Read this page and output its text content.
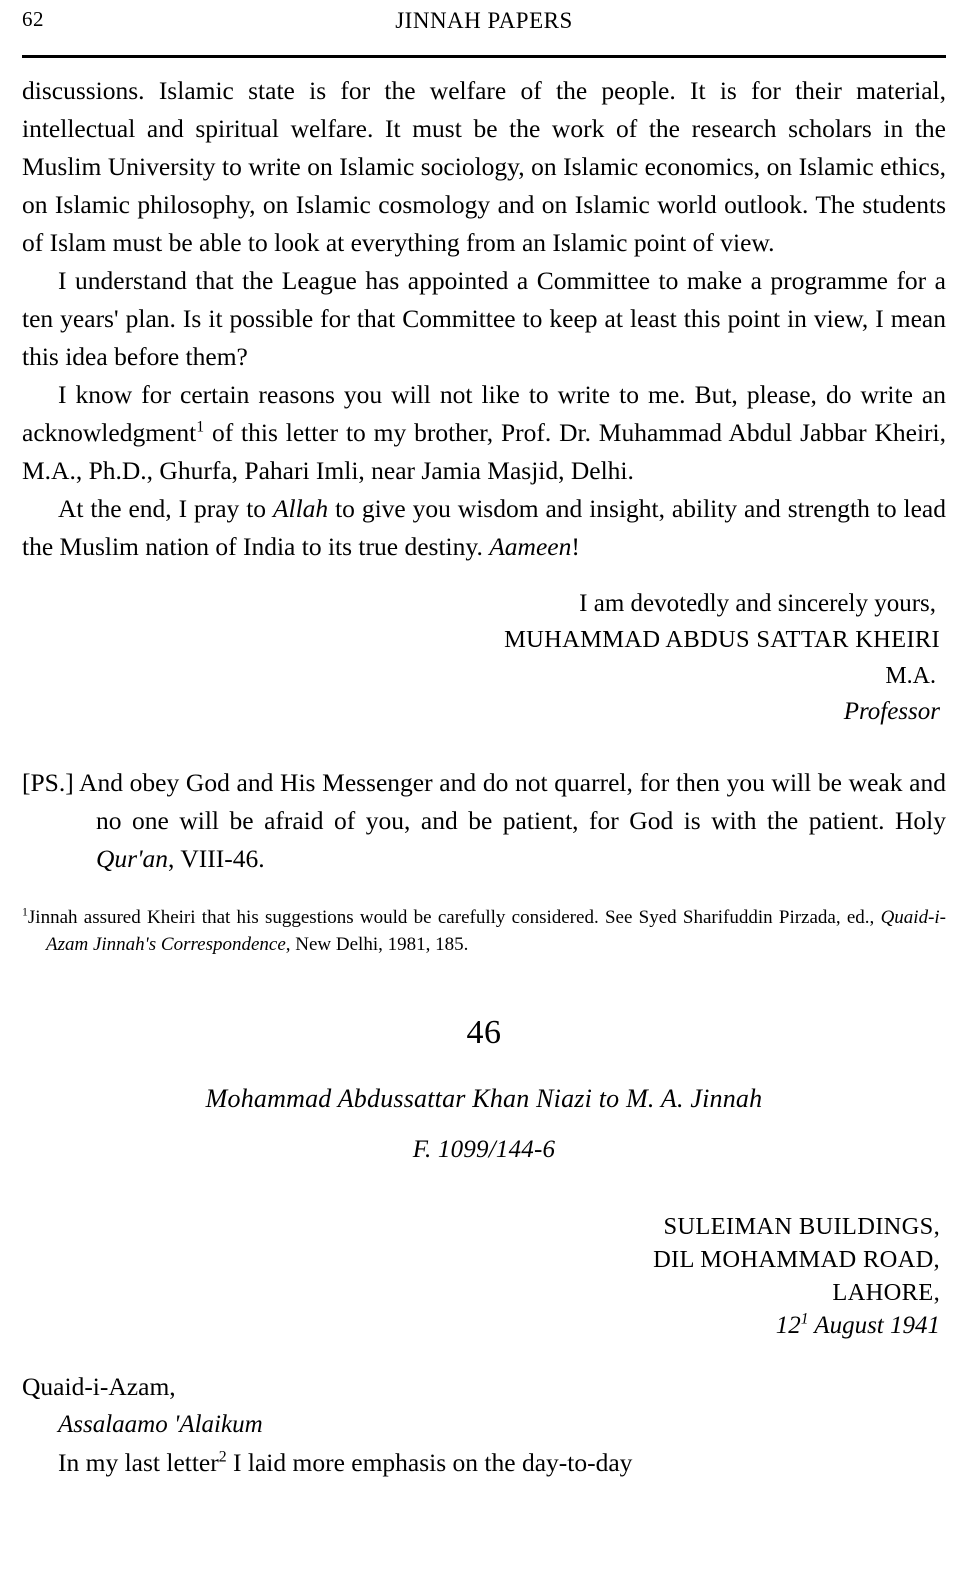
62	JINNAH PAPERS

discussions. Islamic state is for the welfare of the people. It is for their material, intellectual and spiritual welfare. It must be the work of the research scholars in the Muslim University to write on Islamic sociology, on Islamic economics, on Islamic ethics, on Islamic philosophy, on Islamic cosmology and on Islamic world outlook. The students of Islam must be able to look at everything from an Islamic point of view.

I understand that the League has appointed a Committee to make a programme for a ten years' plan. Is it possible for that Committee to keep at least this point in view, I mean this idea before them?

I know for certain reasons you will not like to write to me. But, please, do write an acknowledgment$^1$ of this letter to my brother, Prof. Dr. Muhammad Abdul Jabbar Kheiri, M.A., Ph.D., Ghurfa, Pahari Imli, near Jamia Masjid, Delhi.

At the end, I pray to Allah to give you wisdom and insight, ability and strength to lead the Muslim nation of India to its true destiny. Aameen!

I am devotedly and sincerely yours,
MUHAMMAD ABDUS SATTAR KHEIRI
M.A.
Professor

[PS.] And obey God and His Messenger and do not quarrel, for then you will be weak and no one will be afraid of you, and be patient, for God is with the patient. Holy Qur'an, VIII-46.

$^1$Jinnah assured Kheiri that his suggestions would be carefully considered. See Syed Sharifuddin Pirzada, ed., Quaid-i-Azam Jinnah's Correspondence, New Delhi, 1981, 185.

46
Mohammad Abdussattar Khan Niazi to M. A. Jinnah
F. 1099/144-6
SULEIMAN BUILDINGS,
DIL MOHAMMAD ROAD,
LAHORE,
$12^1$ August 1941
Quaid-i-Azam,
Assalaamo 'Alaikum
In my last letter$^2$ I laid more emphasis on the day-to-day
